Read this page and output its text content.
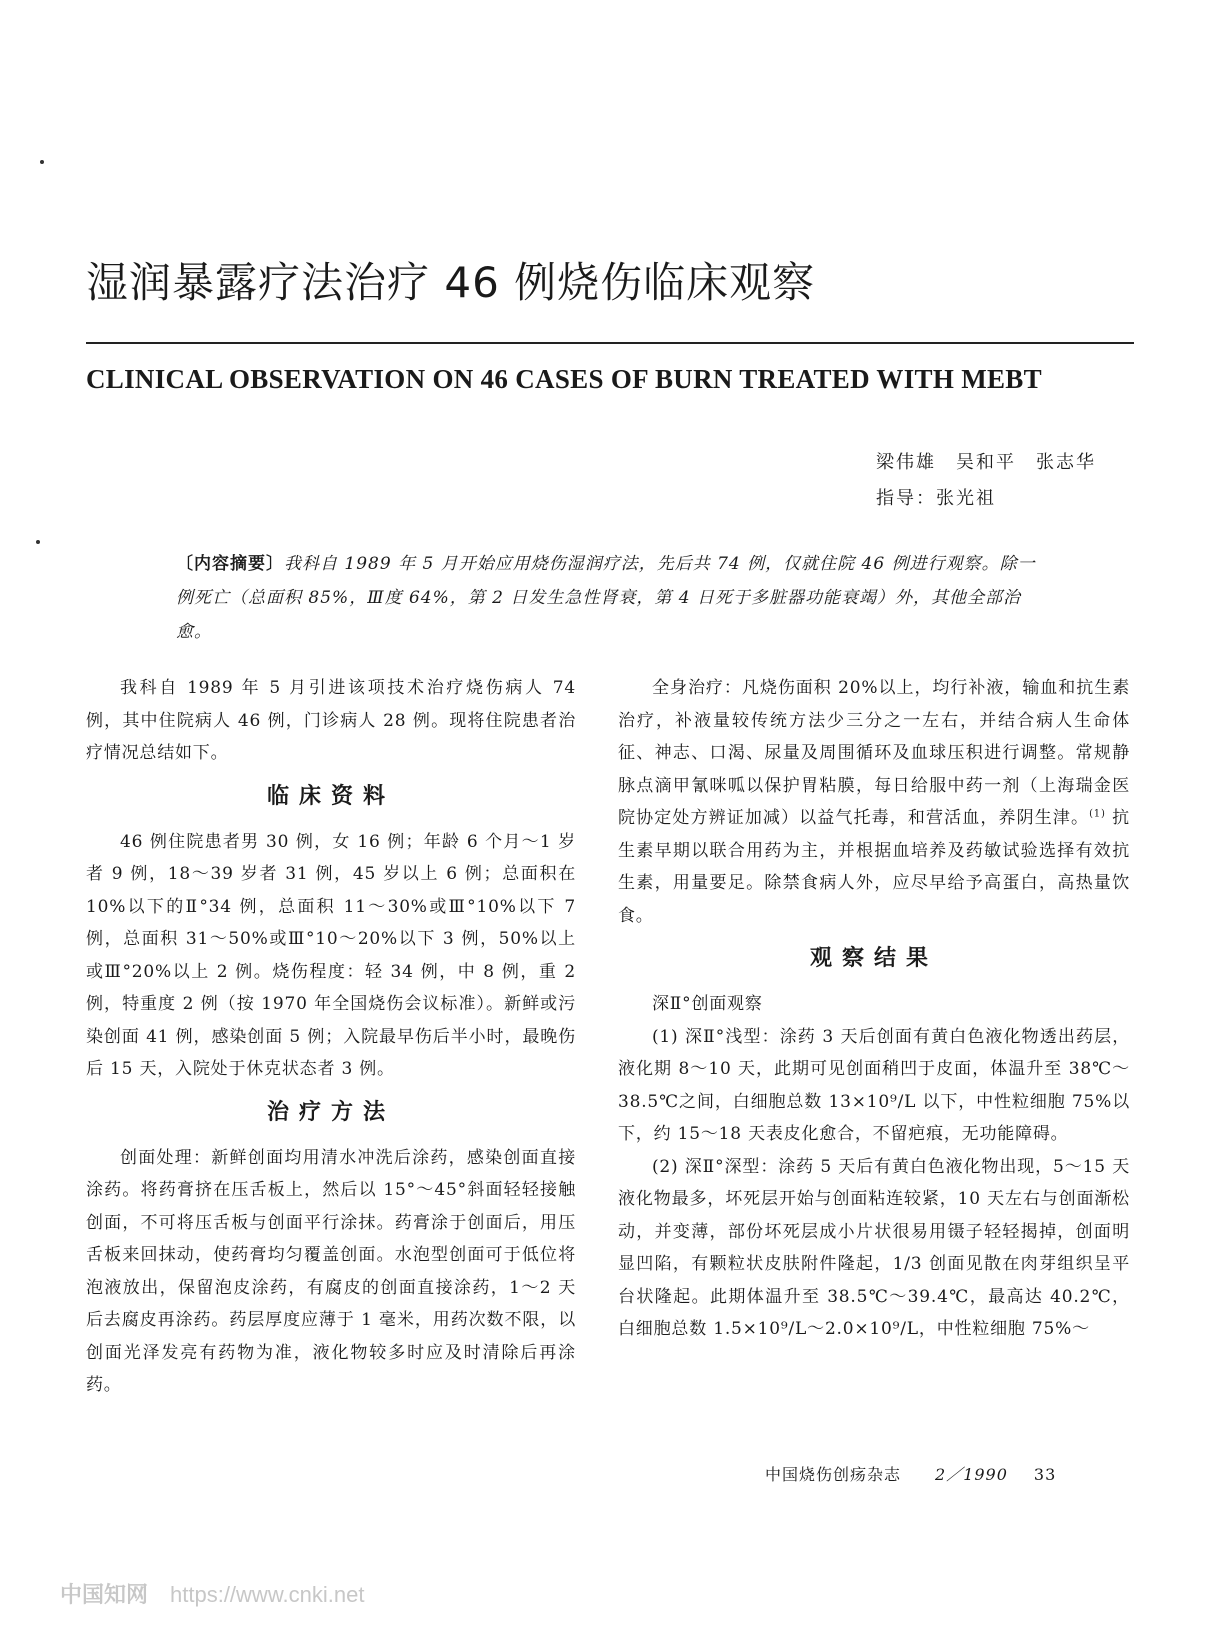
湿润暴露疗法治疗 46 例烧伤临床观察
CLINICAL OBSERVATION ON 46 CASES OF BURN TREATED WITH MEBT
梁伟雄　吴和平　张志华
指导：张光祖
〔内容摘要〕我科自 1989 年 5 月开始应用烧伤湿润疗法，先后共 74 例，仅就住院 46 例进行观察。除一例死亡（总面积 85%，Ⅲ度 64%，第 2 日发生急性肾衰，第 4 日死于多脏器功能衰竭）外，其他全部治愈。

我科自 1989 年 5 月引进该项技术治疗烧伤病人 74 例，其中住院病人 46 例，门诊病人 28 例。现将住院患者治疗情况总结如下。

临床资料

46 例住院患者男 30 例，女 16 例；年龄 6 个月～1 岁者 9 例，18～39 岁者 31 例，45 岁以上 6 例；总面积在 10%以下的Ⅱ°34 例，总面积 11～30%或Ⅲ°10%以下 7 例，总面积 31～50%或Ⅲ°10～20%以下 3 例，50%以上或Ⅲ°20%以上 2 例。烧伤程度：轻 34 例，中 8 例，重 2 例，特重度 2 例（按 1970 年全国烧伤会议标准）。新鲜或污染创面 41 例，感染创面 5 例；入院最早伤后半小时，最晚伤后 15 天，入院处于休克状态者 3 例。

治疗方法

创面处理：新鲜创面均用清水冲洗后涂药，感染创面直接涂药。将药膏挤在压舌板上，然后以 15°～45°斜面轻轻接触创面，不可将压舌板与创面平行涂抹。药膏涂于创面后，用压舌板来回抹动，使药膏均匀覆盖创面。水泡型创面可于低位将泡液放出，保留泡皮涂药，有腐皮的创面直接涂药，1～2 天后去腐皮再涂药。药层厚度应薄于 1 毫米，用药次数不限，以创面光泽发亮有药物为准，液化物较多时应及时清除后再涂药。

全身治疗：凡烧伤面积 20%以上，均行补液，输血和抗生素治疗，补液量较传统方法少三分之一左右，并结合病人生命体征、神志、口渴、尿量及周围循环及血球压积进行调整。常规静脉点滴甲氰咪呱以保护胃粘膜，每日给服中药一剂（上海瑞金医院协定处方辨证加减）以益气托毒，和营活血，养阴生津。$^{(1)}$ 抗生素早期以联合用药为主，并根据血培养及药敏试验选择有效抗生素，用量要足。除禁食病人外，应尽早给予高蛋白，高热量饮食。

观察结果

深Ⅱ°创面观察

(1) 深Ⅱ°浅型：涂药 3 天后创面有黄白色液化物透出药层，液化期 8～10 天，此期可见创面稍凹于皮面，体温升至 38℃～38.5℃之间，白细胞总数 13×10⁹/L 以下，中性粒细胞 75%以下，约 15～18 天表皮化愈合，不留疤痕，无功能障碍。

(2) 深Ⅱ°深型：涂药 5 天后有黄白色液化物出现，5～15 天液化物最多，坏死层开始与创面粘连较紧，10 天左右与创面渐松动，并变薄，部份坏死层成小片状很易用镊子轻轻揭掉，创面明显凹陷，有颗粒状皮肤附件隆起，1/3 创面见散在肉芽组织呈平台状隆起。此期体温升至 38.5℃～39.4℃，最高达 40.2℃，白细胞总数 1.5×10⁹/L～2.0×10⁹/L，中性粒细胞 75%～

中国烧伤创疡杂志 2／1990 33
中国知网 https://www.cnki.net
